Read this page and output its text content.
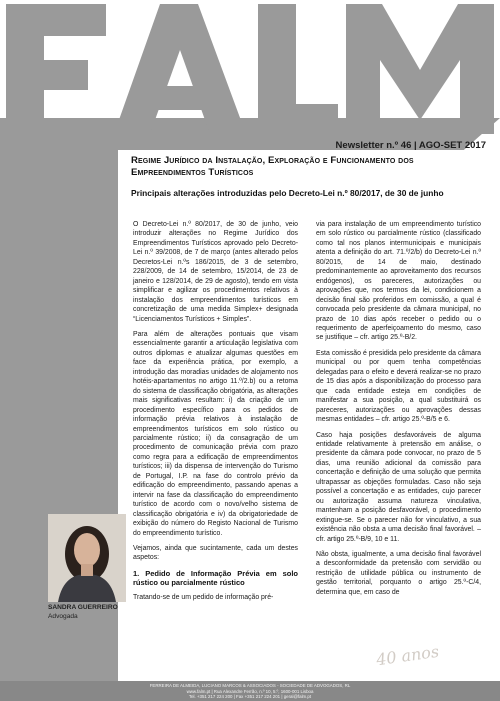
Newsletter n.º 46 | AGO-SET 2017
Regime Jurídico da Instalação, Exploração e Funcionamento dos Empreendimentos Turísticos
Principais alterações introduzidas pelo Decreto-Lei n.º 80/2017, de 30 de junho

O Decreto-Lei n.º 80/2017, de 30 de junho, veio introduzir alterações no Regime Jurídico dos Empreendimentos Turísticos aprovado pelo Decreto-Lei n.º 39/2008, de 7 de março (antes alterado pelos Decretos-Lei n.ºs 186/2015, de 3 de setembro, 228/2009, de 14 de setembro, 15/2014, de 23 de janeiro e 128/2014, de 29 de agosto), tendo em vista simplificar e agilizar os procedimentos relativos à instalação dos empreendimentos turísticos em concretização de uma medida Simplex+ designada “Licenciamentos Turísticos + Simples”.

Para além de alterações pontuais que visam essencialmente garantir a articulação legislativa com outros diplomas e atualizar algumas questões em face da experiência prática, por exemplo, a introdução das moradias unidades de alojamento nos hotéis-apartamentos no artigo 11.º/2.b) ou a retoma do sistema de classificação obrigatória, as alterações mais significativas resultam: i) da criação de um procedimento específico para os pedidos de informação prévia relativos à instalação de empreendimentos turísticos em solo rústico ou parcialmente rústico; ii) da consagração de um procedimento de comunicação prévia com prazo como regra para a edificação de empreendimentos turísticos; iii) da dispensa de intervenção do Turismo de Portugal, I.P. na fase do controlo prévio da edificação do empreendimento, passando apenas a intervir na fase da classificação do empreendimento turístico de acordo com o novo/velho sistema de classificação obrigatória e iv) da obrigatoriedade de exibição do número do Registo Nacional de Turismo do empreendimento turístico.

Vejamos, ainda que sucintamente, cada um destes aspetos:

1. Pedido de Informação Prévia em solo rústico ou parcialmente rústico

Tratando-se de um pedido de informação pré-

via para instalação de um empreendimento turístico em solo rústico ou parcialmente rústico (classificado como tal nos planos intermunicipais e municipais atenta a definição do art. 71.º/2/b) do Decreto-Lei n.º 80/2015, de 14 de maio, destinado predominantemente ao aproveitamento dos recursos endógenos), os pareceres, autorizações ou aprovações que, nos termos da lei, condicionem a decisão final são proferidos em comissão, a qual é convocada pelo presidente da câmara municipal, no prazo de 10 dias após receber o pedido ou o requerimento de aperfeiçoamento do mesmo, caso se justifique – cfr. artigo 25.º-B/2.

Esta comissão é presidida pelo presidente da câmara municipal ou por quem tenha competências delegadas para o efeito e deverá realizar-se no prazo de 15 dias após a disponibilização do processo para que cada entidade esteja em condições de manifestar a sua posição, a qual substituirá os pareceres, autorizações ou aprovações dessas mesmas entidades – cfr. artigo 25.º-B/5 e 6.

Caso haja posições desfavoráveis de alguma entidade relativamente à pretensão em análise, o presidente da câmara pode convocar, no prazo de 5 dias, uma reunião adicional da comissão para concertação e definição de uma solução que permita ultrapassar as objeções formuladas. Caso não seja possível a concertação e as entidades, cujo parecer ou autorização assuma natureza vinculativa, mantenham a posição desfavorável, o procedimento extingue-se. Se o parecer não for vinculativo, a sua existência não obsta a uma decisão final favorável. – cfr. artigo 25.º-B/9, 10 e 11.

Não obsta, igualmente, a uma decisão final favorável a desconformidade da pretensão com servidão ou restrição de utilidade pública ou instrumento de gestão territorial, porquanto o artigo 25.º-C/4, determina que, em caso de

SANDRA GUERREIRO
Advogada
40 anos
FERREIRA DE ALMEIDA, LUCIANO MARCOS & ASSOCIADOS - SOCIEDADE DE ADVOGADOS, RL
www.falm.pt | Rua Alexandre Ferrão, n.º 10, 5.º, 1600-001 Lisboa
Tel. +351 217 224 200 | Fax +351 217 224 201 | geral@falm.pt
